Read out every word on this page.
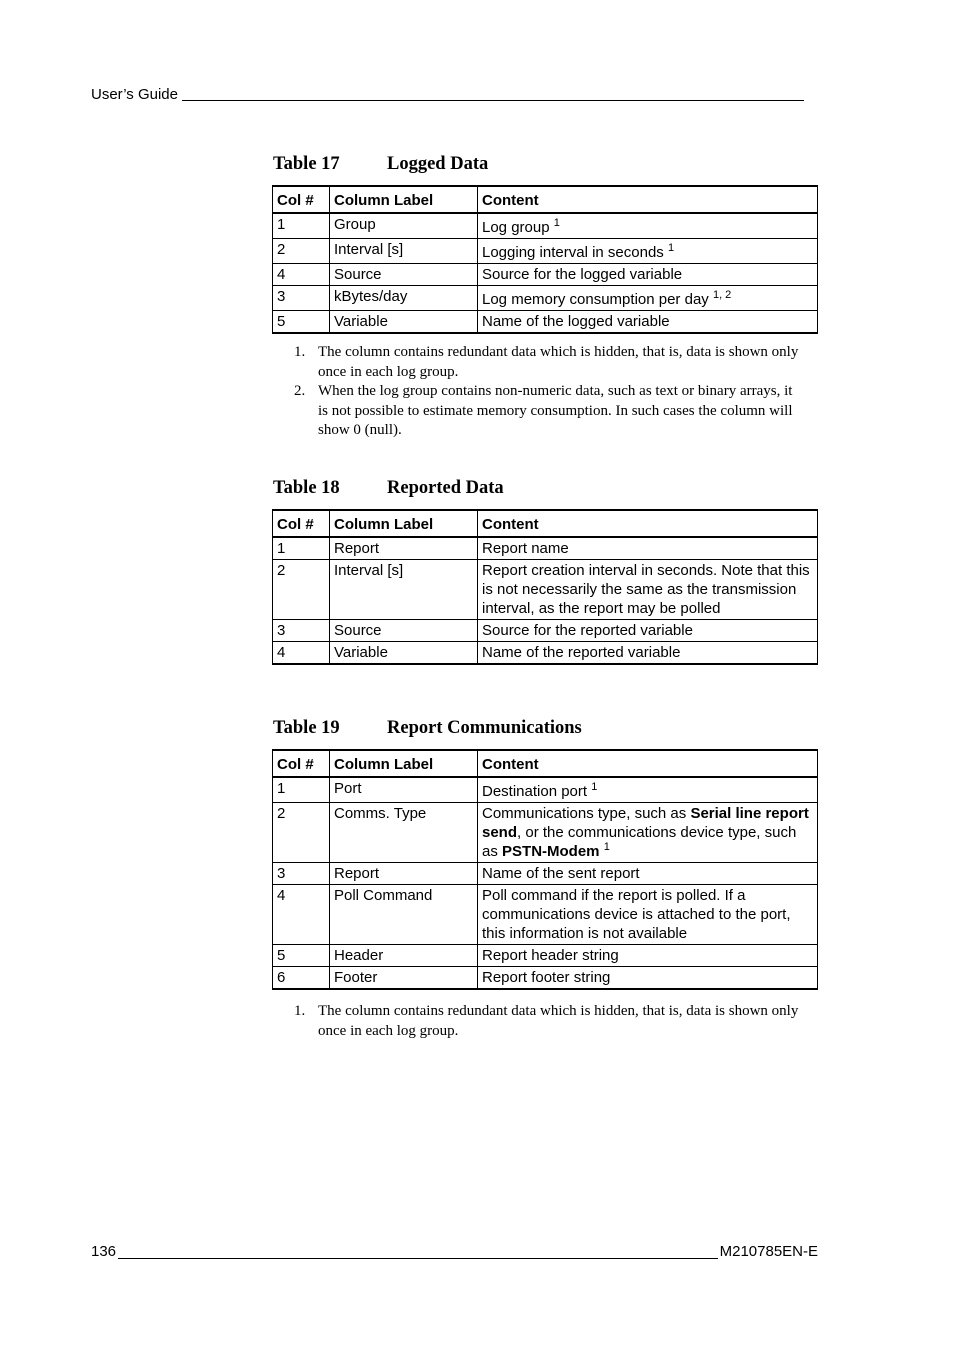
User’s Guide
Table 17	Logged Data
Col #	Column Label	Content
1	Group	Log group $^1$
2	Interval [s]	Logging interval in seconds $^1$
4	Source	Source for the logged variable
3	kBytes/day	Log memory consumption per day $^{1, 2}$
5	Variable	Name of the logged variable
1. The column contains redundant data which is hidden, that is, data is shown only once in each log group.
2. When the log group contains non-numeric data, such as text or binary arrays, it is not possible to estimate memory consumption. In such cases the column will show 0 (null).
Table 18	Reported Data
Col #	Column Label	Content
1	Report	Report name
2	Interval [s]	Report creation interval in seconds. Note that this is not necessarily the same as the transmission interval, as the report may be polled
3	Source	Source for the reported variable
4	Variable	Name of the reported variable
Table 19	Report Communications
Col #	Column Label	Content
1	Port	Destination port $^1$
2	Comms. Type	Communications type, such as Serial line report send, or the communications device type, such as PSTN-Modem $^1$
3	Report	Name of the sent report
4	Poll Command	Poll command if the report is polled. If a communications device is attached to the port, this information is not available
5	Header	Report header string
6	Footer	Report footer string
1. The column contains redundant data which is hidden, that is, data is shown only once in each log group.
136	M210785EN-E
